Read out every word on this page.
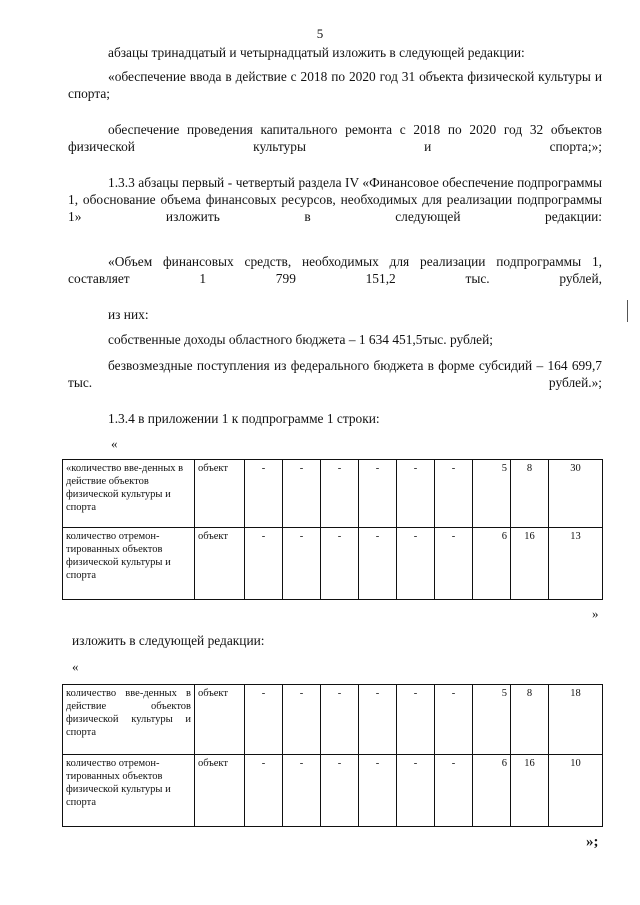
5

абзацы тринадцатый и четырнадцатый изложить в следующей редакции:

«обеспечение ввода в действие с 2018 по 2020 год 31 объекта физической культуры и спорта;

обеспечение проведения капитального ремонта с 2018 по 2020 год 32 объектов физической культуры и спорта;»;

1.3.3 абзацы первый - четвертый раздела IV «Финансовое обеспечение подпрограммы 1, обоснование объема финансовых ресурсов, необходимых для реализации подпрограммы 1» изложить в следующей редакции:

«Объем финансовых средств, необходимых для реализации подпрограммы 1, составляет 1 799 151,2 тыс. рублей,

из них:

собственные доходы областного бюджета – 1 634 451,5тыс. рублей;

безвозмездные поступления из федерального бюджета в форме субсидий – 164 699,7 тыс. рублей.»;

1.3.4 в приложении 1 к подпрограмме 1 строки:

«
«количество вве-денных в действие объектов физической культуры и спорта	объект	-	-	-	-	-	-	5	8	30
количество отремон-тированных объектов физической культуры и спорта	объект	-	-	-	-	-	-	6	16	13
»

изложить в следующей редакции:

«
количество вве-денных в действие объектов физической культуры и спорта	объект	-	-	-	-	-	-	5	8	18
количество отремон-тированных объектов физической культуры и спорта	объект	-	-	-	-	-	-	6	16	10
»;
